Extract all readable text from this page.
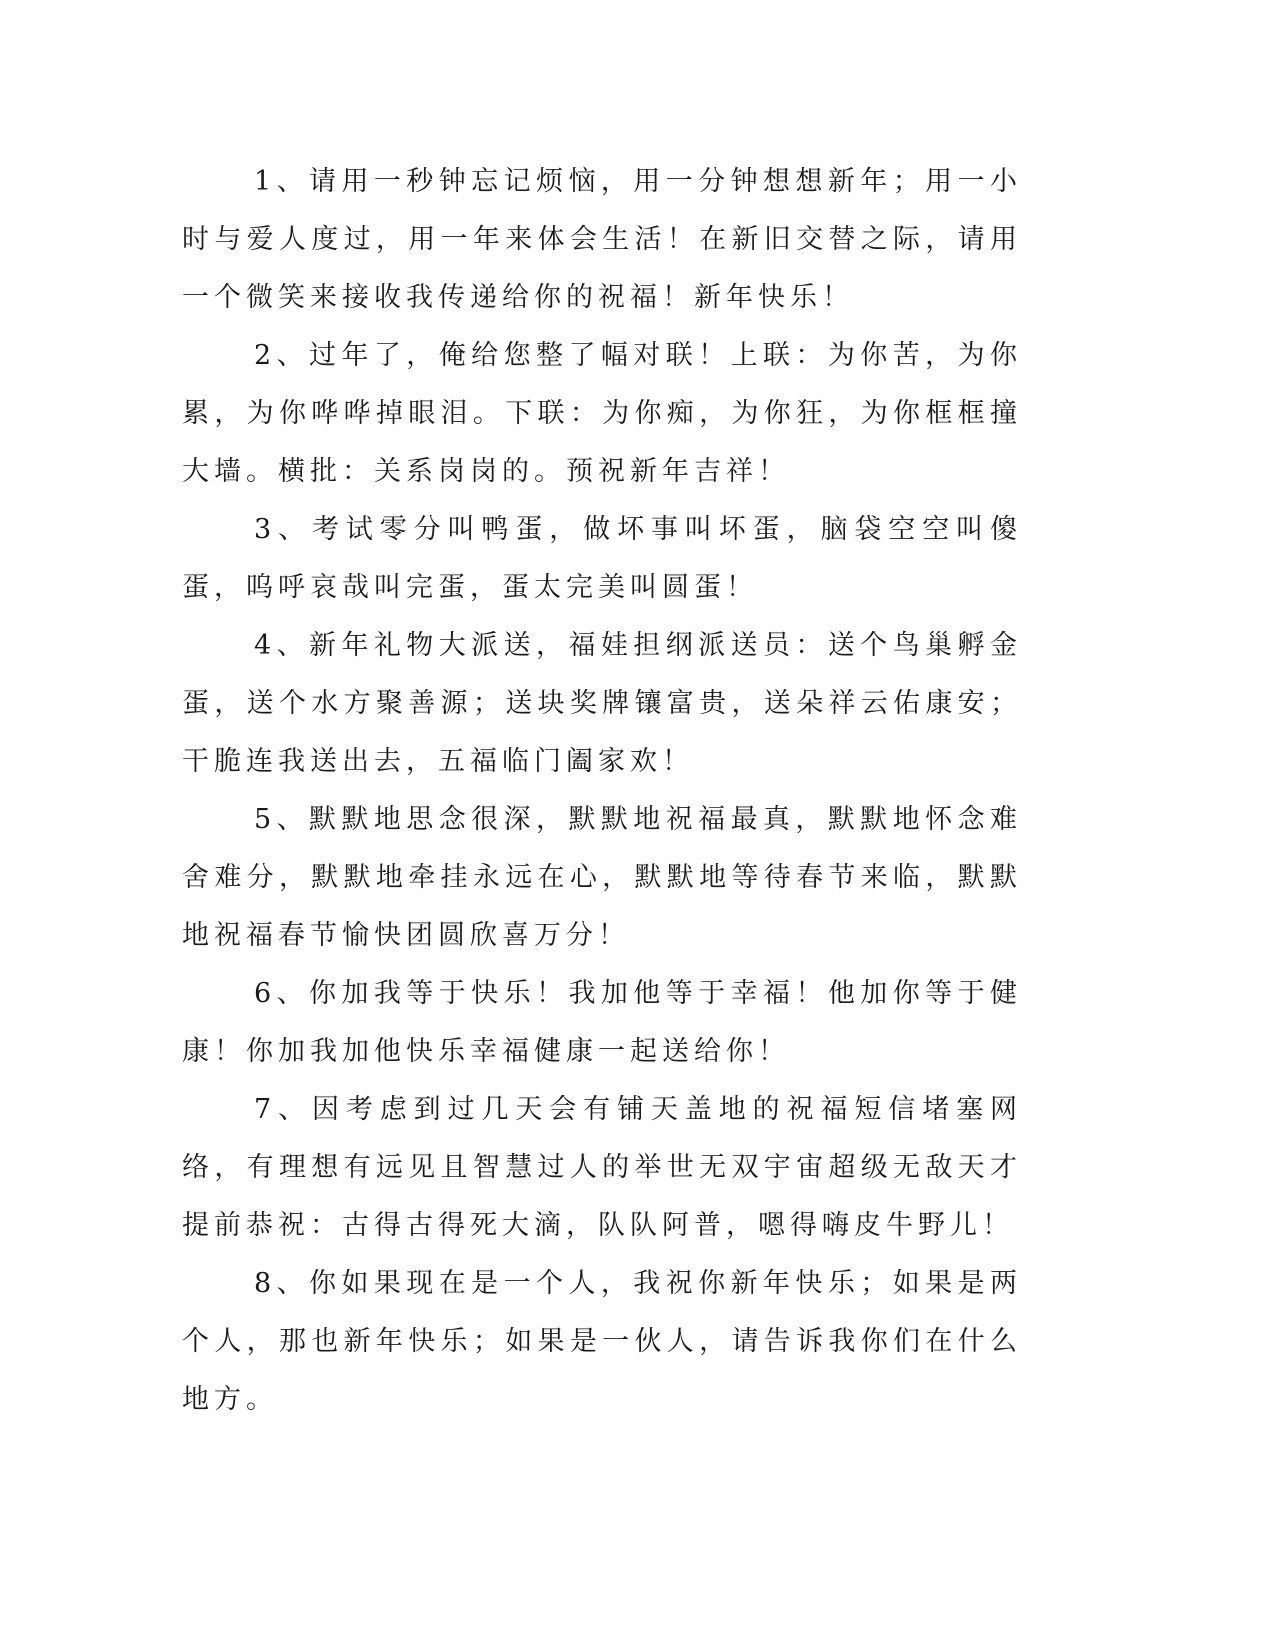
1、请用一秒钟忘记烦恼，用一分钟想想新年；用一小时与爱人度过，用一年来体会生活！在新旧交替之际，请用一个微笑来接收我传递给你的祝福！新年快乐！

2、过年了，俺给您整了幅对联！上联：为你苦，为你累，为你哗哗掉眼泪。下联：为你痴，为你狂，为你框框撞大墙。横批：关系岗岗的。预祝新年吉祥！

3、考试零分叫鸭蛋，做坏事叫坏蛋，脑袋空空叫傻蛋，呜呼哀哉叫完蛋，蛋太完美叫圆蛋！

4、新年礼物大派送，福娃担纲派送员：送个鸟巢孵金蛋，送个水方聚善源；送块奖牌镶富贵，送朵祥云佑康安；干脆连我送出去，五福临门阖家欢！

5、默默地思念很深，默默地祝福最真，默默地怀念难舍难分，默默地牵挂永远在心，默默地等待春节来临，默默地祝福春节愉快团圆欣喜万分！

6、你加我等于快乐！我加他等于幸福！他加你等于健康！你加我加他快乐幸福健康一起送给你！

7、因考虑到过几天会有铺天盖地的祝福短信堵塞网络，有理想有远见且智慧过人的举世无双宇宙超级无敌天才提前恭祝：古得古得死大滴，队队阿普，嗯得嗨皮牛野儿！

8、你如果现在是一个人，我祝你新年快乐；如果是两个人，那也新年快乐；如果是一伙人，请告诉我你们在什么地方。
